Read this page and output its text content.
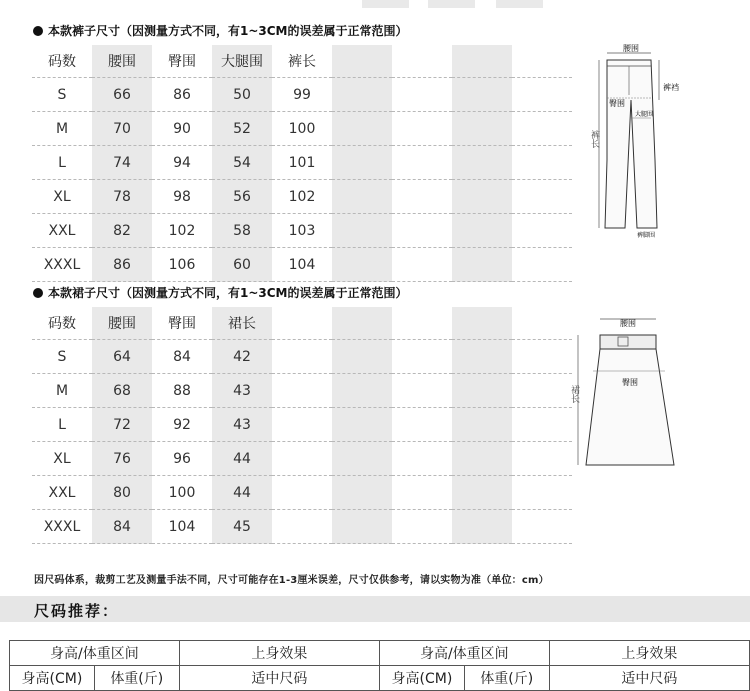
本款裤子尺寸（因测量方式不同，有1~3CM的误差属于正常范围）
码数	腰围	臀围	大腿围	裤长				
S	66	86	50	99				
M	70	90	52	100				
L	74	94	54	101				
XL	78	98	56	102				
XXL	82	102	58	103				
XXXL	86	106	60	104				
腰围
臀围
裤裆
大腿围
裤脚围
裤长
本款裙子尺寸（因测量方式不同，有1~3CM的误差属于正常范围）
码数	腰围	臀围	裙长					
S	64	84	42					
M	68	88	43					
L	72	92	43					
XL	76	96	44					
XXL	80	100	44					
XXXL	84	104	45					
腰围
臀围
裙长
因尺码体系，裁剪工艺及测量手法不同，尺寸可能存在1-3厘米误差，尺寸仅供参考，请以实物为准（单位：cm）
尺码推荐：
身高/体重区间		上身效果	身高/体重区间		上身效果
身高(CM)	体重(斤)	适中尺码	身高(CM)	体重(斤)	适中尺码
